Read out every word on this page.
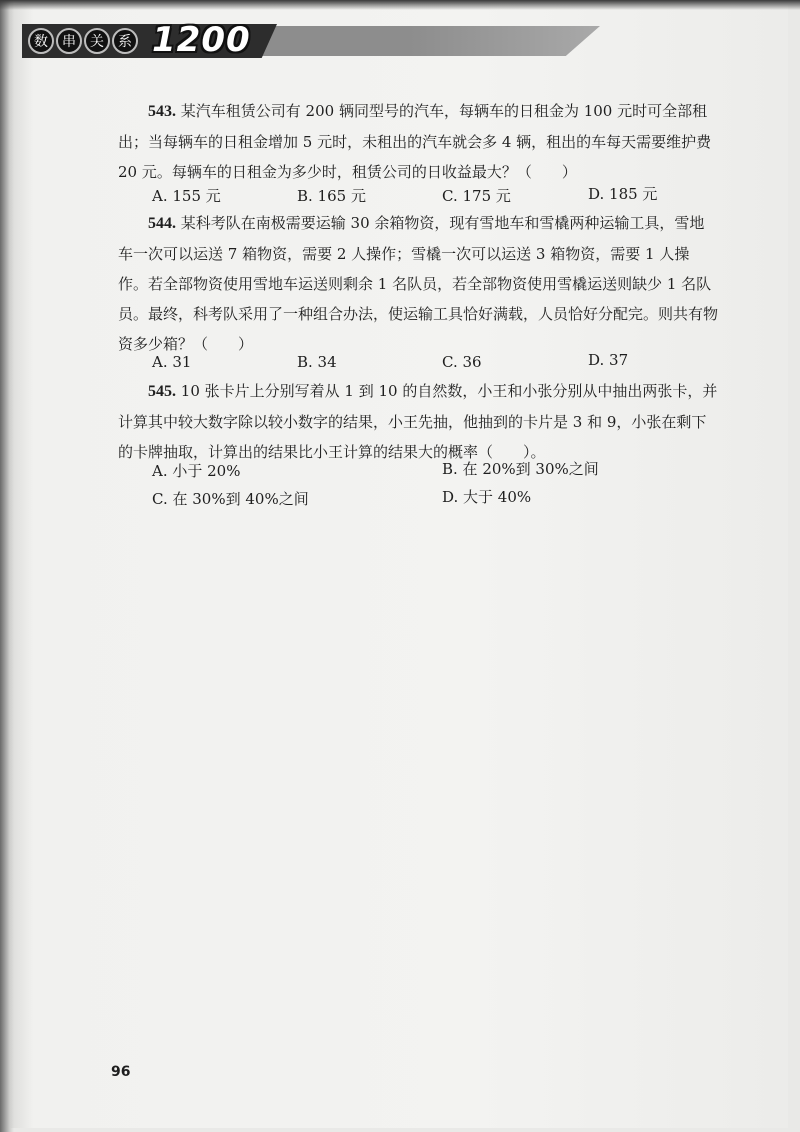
数	串	关	系 1200
543. 某汽车租赁公司有 200 辆同型号的汽车，每辆车的日租金为 100 元时可全部租出；当每辆车的日租金增加 5 元时，未租出的汽车就会多 4 辆，租出的车每天需要维护费 20 元。每辆车的日租金为多少时，租赁公司的日收益最大？（　　）
A. 155 元	B. 165 元	C. 175 元	D. 185 元
544. 某科考队在南极需要运输 30 余箱物资，现有雪地车和雪橇两种运输工具，雪地车一次可以运送 7 箱物资，需要 2 人操作；雪橇一次可以运送 3 箱物资，需要 1 人操作。若全部物资使用雪地车运送则剩余 1 名队员，若全部物资使用雪橇运送则缺少 1 名队员。最终，科考队采用了一种组合办法，使运输工具恰好满载，人员恰好分配完。则共有物资多少箱？（　　）
A. 31	B. 34	C. 36	D. 37
545. 10 张卡片上分别写着从 1 到 10 的自然数，小王和小张分别从中抽出两张卡，并计算其中较大数字除以较小数字的结果，小王先抽，他抽到的卡片是 3 和 9，小张在剩下的卡牌抽取，计算出的结果比小王计算的结果大的概率（　　）。
A. 小于 20%	B. 在 20%到 30%之间
C. 在 30%到 40%之间	D. 大于 40%
96
